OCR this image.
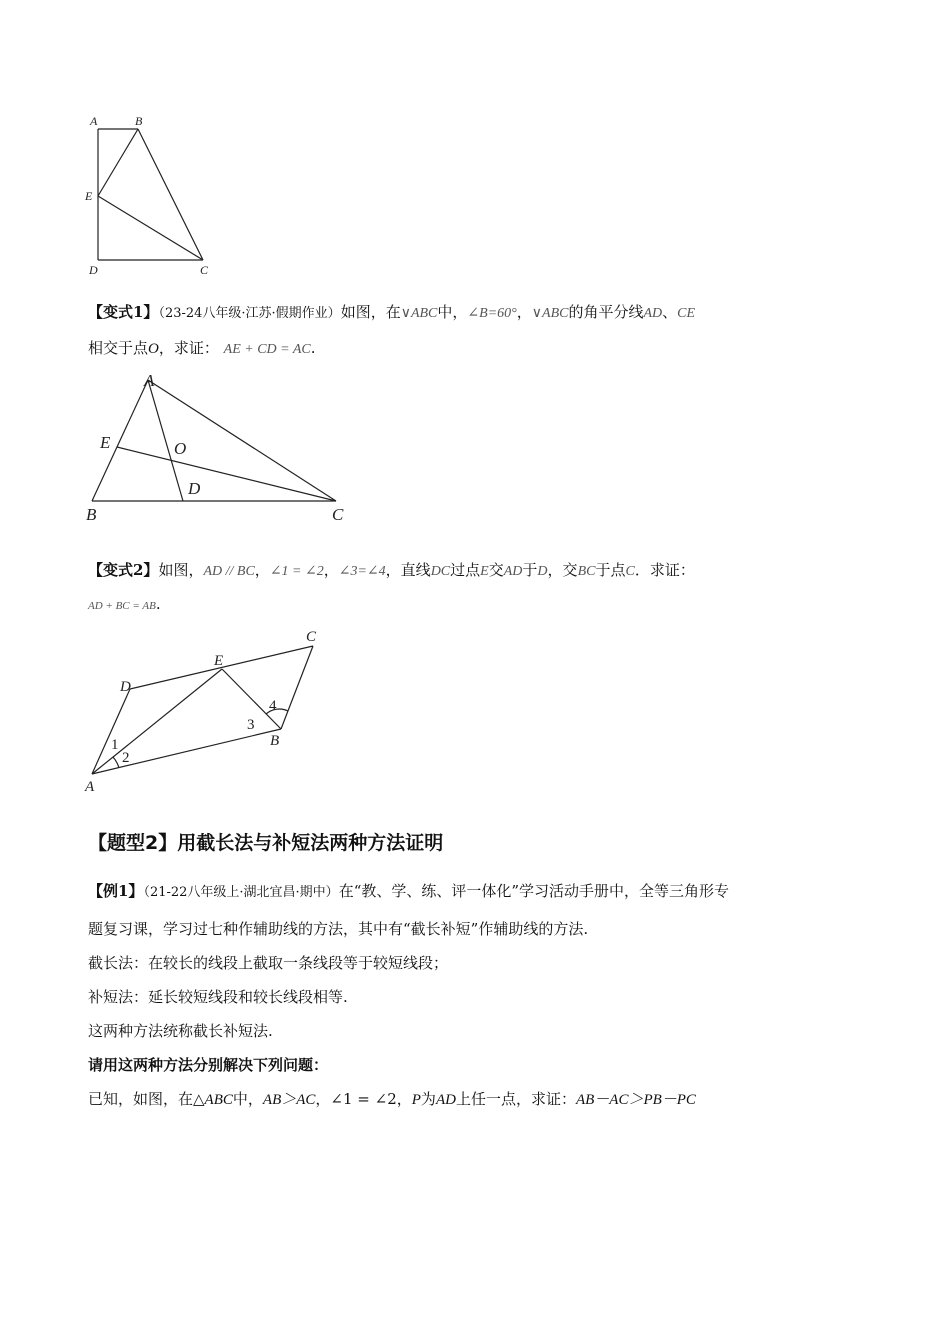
A	B
E
D	C
【变式1】（23-24八年级·江苏·假期作业）如图，在∨ABC中，∠B=60°，∨ABC的角平分线AD、CE
相交于点O，求证： AE + CD = AC.
A
E	O
D
B	C
【变式2】如图，AD // BC，∠1 = ∠2，∠3=∠4，直线DC过点E交AD于D，交BC于点C．求证：
AD + BC = AB.
C
E
D
4
3
B
1
2
A
【题型2】用截长法与补短法两种方法证明
【例1】（21-22八年级上·湖北宜昌·期中）在“教、学、练、评一体化”学习活动手册中，全等三角形专
题复习课，学习过七种作辅助线的方法，其中有“截长补短”作辅助线的方法.
截长法：在较长的线段上截取一条线段等于较短线段；
补短法：延长较短线段和较长线段相等.
这两种方法统称截长补短法.
请用这两种方法分别解决下列问题：
已知，如图，在△ABC中，AB＞AC，∠1 = ∠2，P为AD上任一点，求证：AB－AC＞PB－PC
